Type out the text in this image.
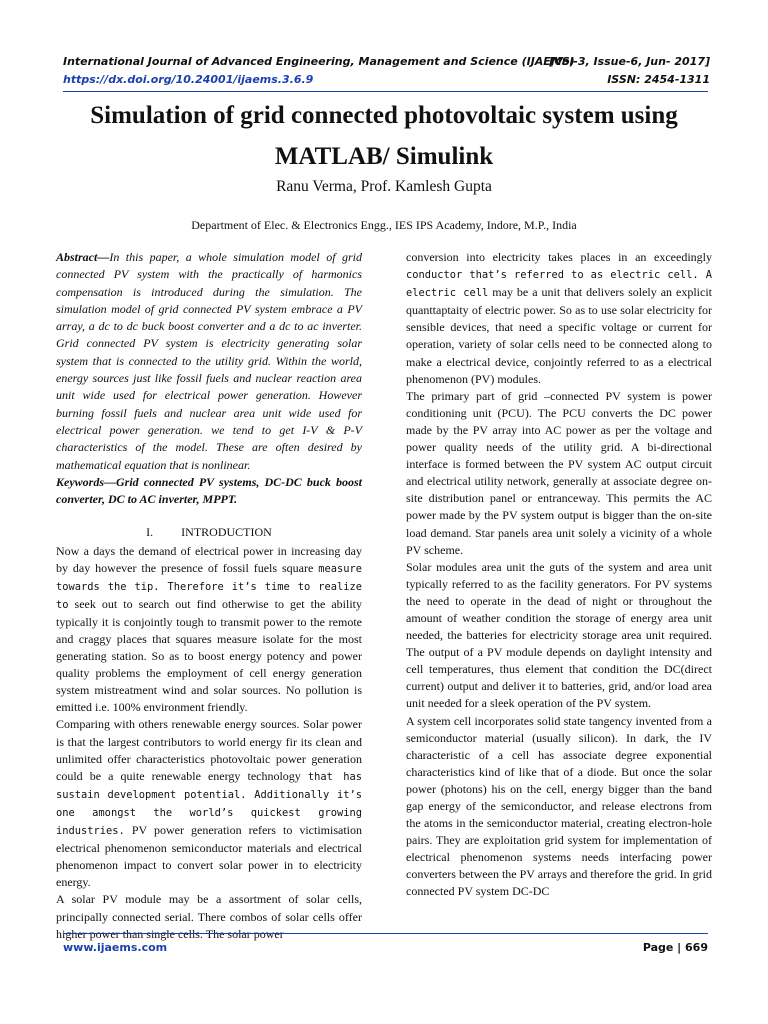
International Journal of Advanced Engineering, Management and Science (IJAEMS)
[Vol-3, Issue-6, Jun- 2017]
https://dx.doi.org/10.24001/ijaems.3.6.9	ISSN: 2454-1311
Simulation of grid connected photovoltaic system using MATLAB/ Simulink
Ranu Verma, Prof. Kamlesh Gupta
Department of Elec. & Electronics Engg., IES IPS Academy, Indore, M.P., India

Abstract—In this paper, a whole simulation model of grid connected PV system with the practically of harmonics compensation is introduced during the simulation. The simulation model of grid connected PV system embrace a PV array, a dc to dc buck boost converter and a dc to ac inverter. Grid connected PV system is electricity generating solar system that is connected to the utility grid. Within the world, energy sources just like fossil fuels and nuclear reaction area unit wide used for electrical power generation. However burning fossil fuels and nuclear area unit wide used for electrical power generation. we tend to get I-V & P-V characteristics of the model. These are often desired by mathematical equation that is nonlinear.

Keywords—Grid connected PV systems, DC-DC buck boost converter, DC to AC inverter, MPPT.

I. INTRODUCTION

Now a days the demand of electrical power in increasing day by day however the presence of fossil fuels square measure towards the tip. Therefore it’s time to realize to seek out to search out find otherwise to get the ability typically it is conjointly tough to transmit power to the remote and craggy places that squares measure isolate for the most generating station. So as to boost energy potency and power quality problems the employment of cell energy generation system mistreatment wind and solar sources. No pollution is emitted i.e. 100% environment friendly.

Comparing with others renewable energy sources. Solar power is that the largest contributors to world energy fir its clean and unlimited offer characteristics photovoltaic power generation could be a quite renewable energy technology that has sustain development potential. Additionally it’s one amongst the world’s quickest growing industries. PV power generation refers to victimisation electrical phenomenon semiconductor materials and electrical phenomenon impact to convert solar power in to electricity energy.

A solar PV module may be a assortment of solar cells, principally connected serial. There combos of solar cells offer higher power than single cells. The solar power

conversion into electricity takes places in an exceedingly conductor that’s referred to as electric cell. A electric cell may be a unit that delivers solely an explicit quanttaptaity of electric power. So as to use solar electricity for sensible devices, that need a specific voltage or current for operation, variety of solar cells need to be connected along to make a electrical device, conjointly referred to as a electrical phenomenon (PV) modules.

The primary part of grid –connected PV system is power conditioning unit (PCU). The PCU converts the DC power made by the PV array into AC power as per the voltage and power quality needs of the utility grid. A bi-directional interface is formed between the PV system AC output circuit and electrical utility network, generally at associate degree on-site distribution panel or entranceway. This permits the AC power made by the PV system output is bigger than the on-site load demand. Star panels area unit solely a vicinity of a whole PV scheme.

Solar modules area unit the guts of the system and area unit typically referred to as the facility generators. For PV systems the need to operate in the dead of night or throughout the amount of weather condition the storage of energy area unit needed, the batteries for electricity storage area unit required. The output of a PV module depends on daylight intensity and cell temperatures, thus element that condition the DC(direct current) output and deliver it to batteries, grid, and/or load area unit needed for a sleek operation of the PV system.

A system cell incorporates solid state tangency invented from a semiconductor material (usually silicon). In dark, the IV characteristic of a cell has associate degree exponential characteristics kind of like that of a diode. But once the solar power (photons) his on the cell, energy bigger than the band gap energy of the semiconductor, and release electrons from the atoms in the semiconductor material, creating electron-hole pairs. They are exploitation grid system for implementation of electrical phenomenon systems needs interfacing power converters between the PV arrays and therefore the grid. In grid connected PV system DC-DC

www.ijaems.com	Page | 669
